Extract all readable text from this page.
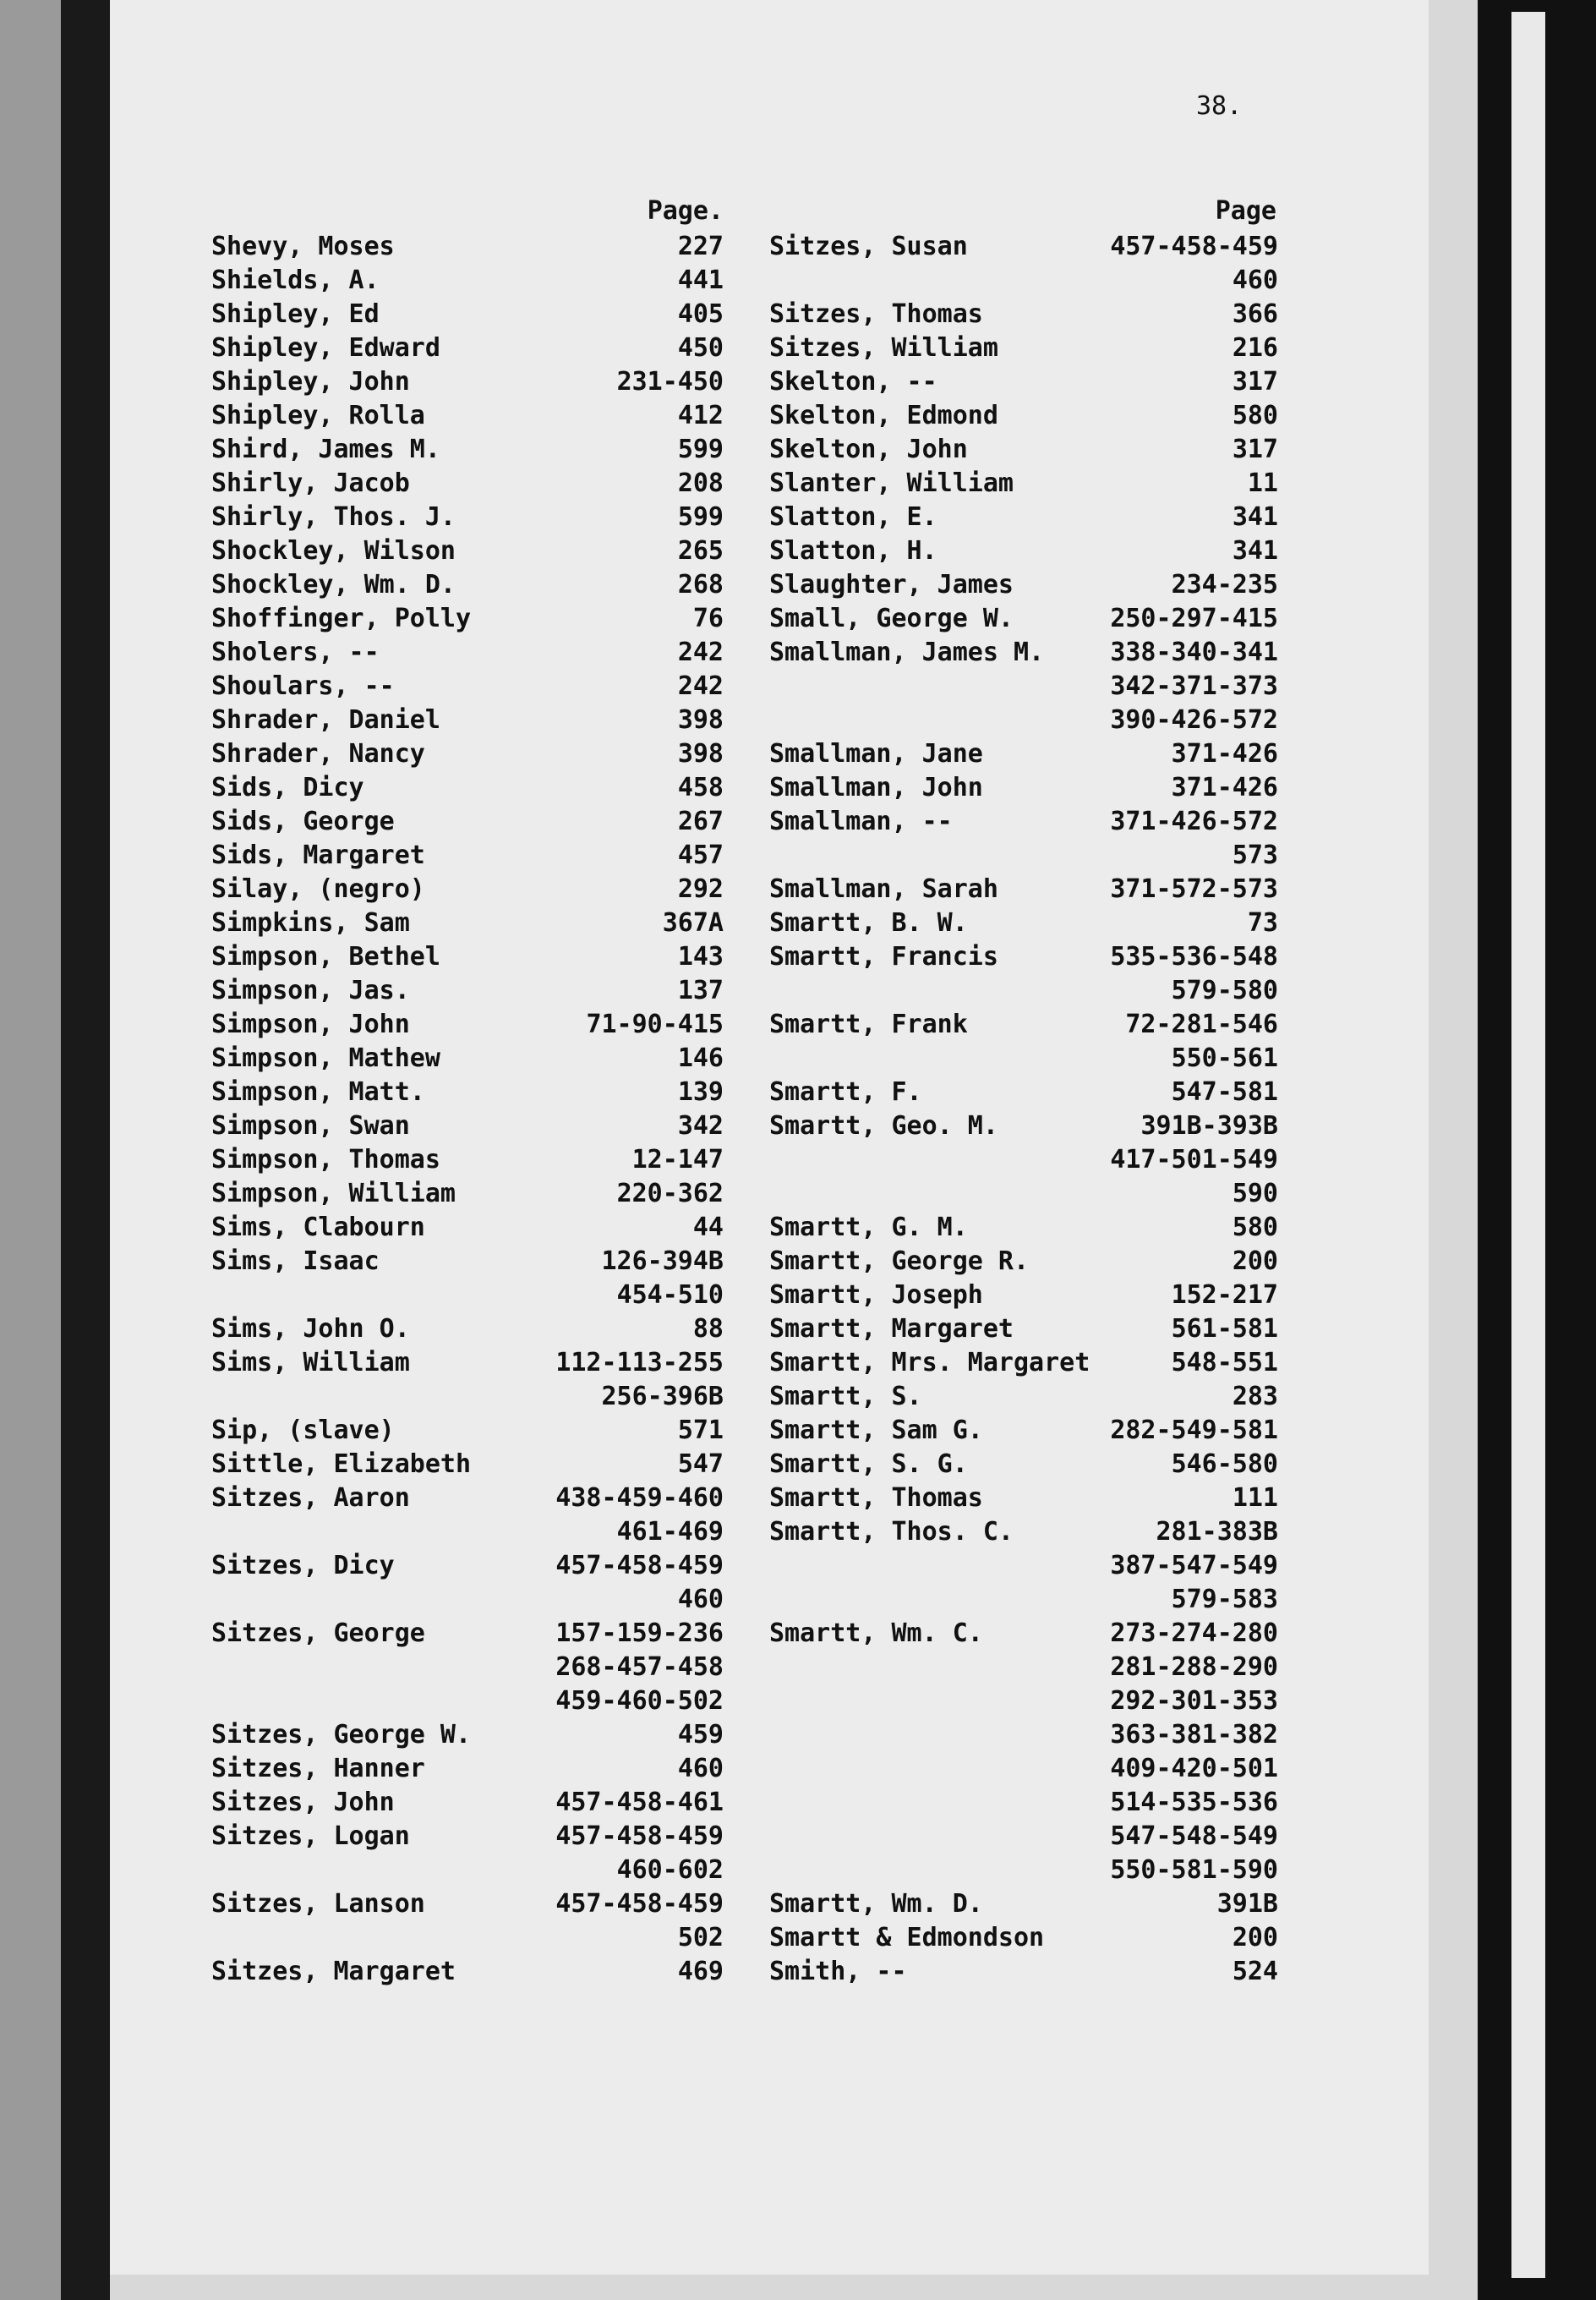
38.
Page.	Page
Shevy, Moses	227
Shields, A.	441
Shipley, Ed	405
Shipley, Edward	450
Shipley, John	231-450
Shipley, Rolla	412
Shird, James M.	599
Shirly, Jacob	208
Shirly, Thos. J.	599
Shockley, Wilson	265
Shockley, Wm. D.	268
Shoffinger, Polly	76
Sholers, --	242
Shoulars, --	242
Shrader, Daniel	398
Shrader, Nancy	398
Sids, Dicy	458
Sids, George	267
Sids, Margaret	457
Silay, (negro)	292
Simpkins, Sam	367A
Simpson, Bethel	143
Simpson, Jas.	137
Simpson, John	71-90-415
Simpson, Mathew	146
Simpson, Matt.	139
Simpson, Swan	342
Simpson, Thomas	12-147
Simpson, William	220-362
Sims, Clabourn	44
Sims, Isaac	126-394B
454-510
Sims, John O.	88
Sims, William	112-113-255
256-396B
Sip, (slave)	571
Sittle, Elizabeth	547
Sitzes, Aaron	438-459-460
461-469
Sitzes, Dicy	457-458-459
460
Sitzes, George	157-159-236
268-457-458
459-460-502
Sitzes, George W.	459
Sitzes, Hanner	460
Sitzes, John	457-458-461
Sitzes, Logan	457-458-459
460-602
Sitzes, Lanson	457-458-459
502
Sitzes, Margaret	469
Sitzes, Susan	457-458-459
460
Sitzes, Thomas	366
Sitzes, William	216
Skelton, --	317
Skelton, Edmond	580
Skelton, John	317
Slanter, William	11
Slatton, E.	341
Slatton, H.	341
Slaughter, James	234-235
Small, George W.	250-297-415
Smallman, James M.	338-340-341
342-371-373
390-426-572
Smallman, Jane	371-426
Smallman, John	371-426
Smallman, --	371-426-572
573
Smallman, Sarah	371-572-573
Smartt, B. W.	73
Smartt, Francis	535-536-548
579-580
Smartt, Frank	72-281-546
550-561
Smartt, F.	547-581
Smartt, Geo. M.	391B-393B
417-501-549
590
Smartt, G. M.	580
Smartt, George R.	200
Smartt, Joseph	152-217
Smartt, Margaret	561-581
Smartt, Mrs. Margaret	548-551
Smartt, S.	283
Smartt, Sam G.	282-549-581
Smartt, S. G.	546-580
Smartt, Thomas	111
Smartt, Thos. C.	281-383B
387-547-549
579-583
Smartt, Wm. C.	273-274-280
281-288-290
292-301-353
363-381-382
409-420-501
514-535-536
547-548-549
550-581-590
Smartt, Wm. D.	391B
Smartt & Edmondson	200
Smith, --	524
